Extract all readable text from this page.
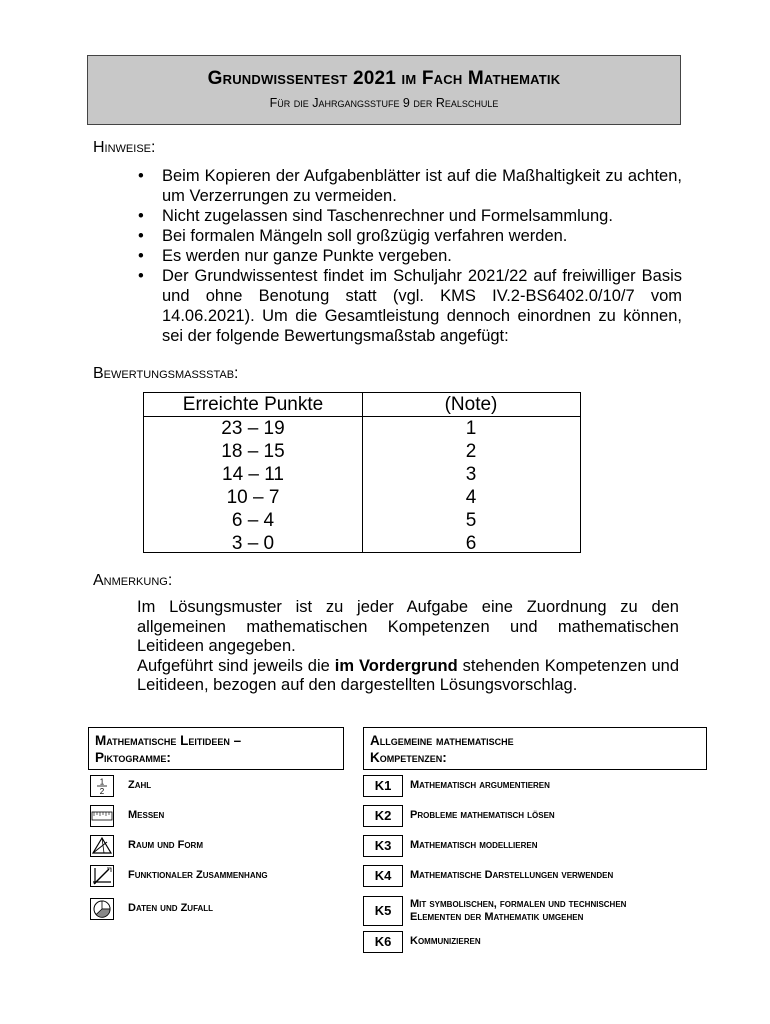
Grundwissentest 2021 im Fach Mathematik
Für die Jahrgangsstufe 9 der Realschule
Hinweise:
• Beim Kopieren der Aufgabenblätter ist auf die Maßhaltigkeit zu achten, um Verzerrungen zu vermeiden.
• Nicht zugelassen sind Taschenrechner und Formelsammlung.
• Bei formalen Mängeln soll großzügig verfahren werden.
• Es werden nur ganze Punkte vergeben.
• Der Grundwissentest findet im Schuljahr 2021/22 auf freiwilliger Basis und ohne Benotung statt (vgl. KMS IV.2-BS6402.0/10/7 vom 14.06.2021). Um die Gesamtleistung dennoch einordnen zu können, sei der folgende Bewertungsmaßstab angefügt:
Bewertungsmaßstab:
Erreichte Punkte	(Note)
23 – 19	1
18 – 15	2
14 – 11	3
10 – 7	4
6 – 4	5
3 – 0	6
Anmerkung:

Im Lösungsmuster ist zu jeder Aufgabe eine Zuordnung zu den allgemeinen mathematischen Kompetenzen und mathematischen Leitideen angegeben.

Aufgeführt sind jeweils die im Vordergrund stehenden Kompetenzen und Leitideen, bezogen auf den dargestellten Lösungsvorschlag.

Mathematische Leitideen –
Piktogramme:
Allgemeine mathematische
Kompetenzen:
1
2
Zahl
Messen
Raum und Form
Funktionaler Zusammenhang
Daten und Zufall
K1	Mathematisch argumentieren
K2	Probleme mathematisch lösen
K3	Mathematisch modellieren
K4	Mathematische Darstellungen verwenden
K5	Mit symbolischen, formalen und technischen
Elementen der Mathematik umgehen
K6	Kommunizieren
